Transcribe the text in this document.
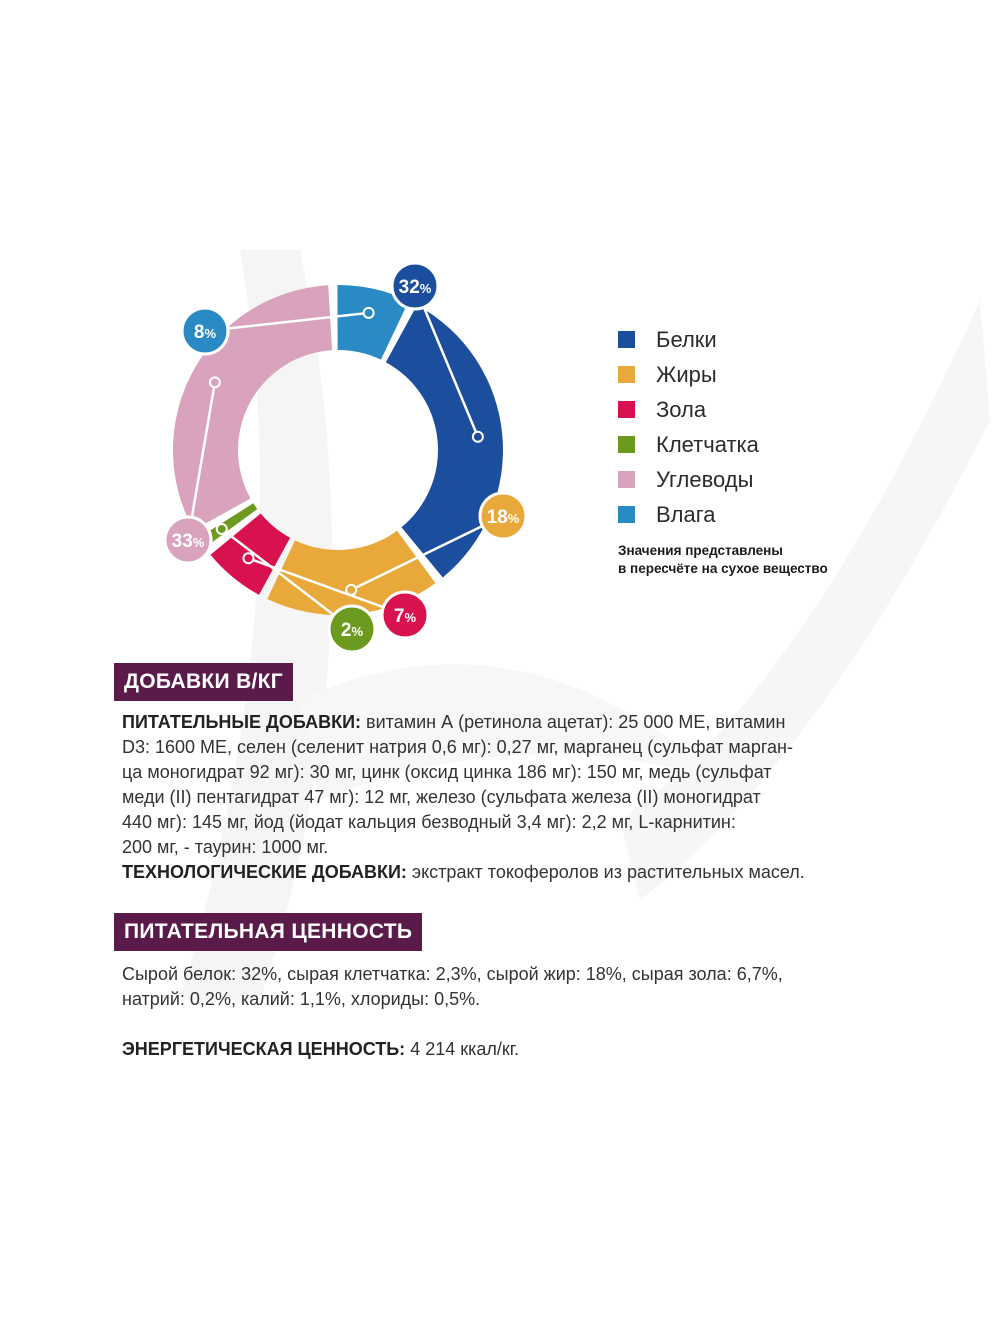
32%
18%
7%
2%
33%
8%	Белки
Жиры
Зола
Клетчатка
Углеводы
Влага
Значения представлены
в пересчёте на сухое вещество
ДОБАВКИ В/КГ
ПИТАТЕЛЬНЫЕ ДОБАВКИ: витамин А (ретинола ацетат): 25 000 МЕ, витамин
D3: 1600 МЕ, селен (селенит натрия 0,6 мг): 0,27 мг, марганец (сульфат марган-
ца моногидрат 92 мг): 30 мг, цинк (оксид цинка 186 мг): 150 мг, медь (сульфат
меди (II) пентагидрат 47 мг): 12 мг, железо (сульфата железа (II) моногидрат
440 мг): 145 мг, йод (йодат кальция безводный 3,4 мг): 2,2 мг, L-карнитин:
200 мг, - таурин: 1000 мг.
ТЕХНОЛОГИЧЕСКИЕ ДОБАВКИ: экстракт токоферолов из растительных масел.
ПИТАТЕЛЬНАЯ ЦЕННОСТЬ
Сырой белок: 32%, сырая клетчатка: 2,3%, сырой жир: 18%, сырая зола: 6,7%,
натрий: 0,2%, калий: 1,1%, хлориды: 0,5%.
ЭНЕРГЕТИЧЕСКАЯ ЦЕННОСТЬ: 4 214 ккал/кг.
